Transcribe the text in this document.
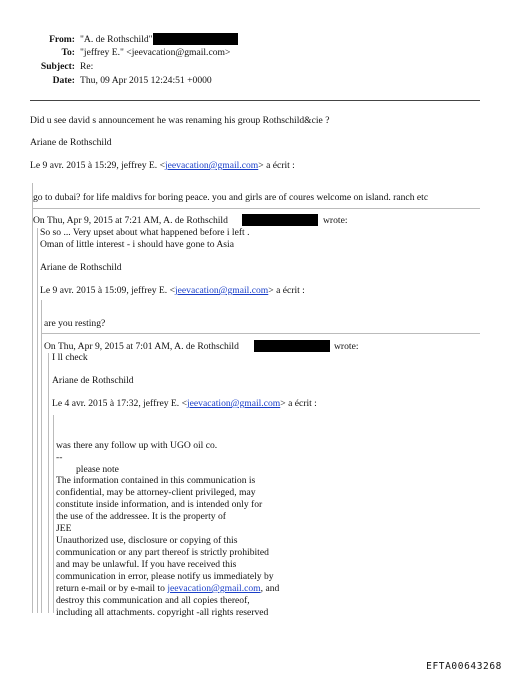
From: "A. de Rothschild"
To: "jeffrey E." <jeevacation@gmail.com>
Subject: Re:
Date: Thu, 09 Apr 2015 12:24:51 +0000
Did u see david s announcement he was renaming his group Rothschild&cie ?
Ariane de Rothschild
Le 9 avr. 2015 à 15:29, jeffrey E. <jeevacation@gmail.com> a écrit :
go to dubai? for life maldivs for boring peace. you and girls are of coures welcome on island. ranch etc
On Thu, Apr 9, 2015 at 7:21 AM, A. de Rothschild	wrote:
So so ... Very upset about what happened before i left .
Oman of little interest - i should have gone to Asia
Ariane de Rothschild
Le 9 avr. 2015 à 15:09, jeffrey E. <jeevacation@gmail.com> a écrit :
are you resting?
On Thu, Apr 9, 2015 at 7:01 AM, A. de Rothschild	wrote:
I ll check
Ariane de Rothschild
Le 4 avr. 2015 à 17:32, jeffrey E. <jeevacation@gmail.com> a écrit :
was there any follow up with UGO oil co.
--
please note
The information contained in this communication is
confidential, may be attorney-client privileged, may
constitute inside information, and is intended only for
the use of the addressee. It is the property of
JEE
Unauthorized use, disclosure or copying of this
communication or any part thereof is strictly prohibited
and may be unlawful. If you have received this
communication in error, please notify us immediately by
return e-mail or by e-mail to jeevacation@gmail.com, and
destroy this communication and all copies thereof,
including all attachments. copyright -all rights reserved
EFTA00643268
